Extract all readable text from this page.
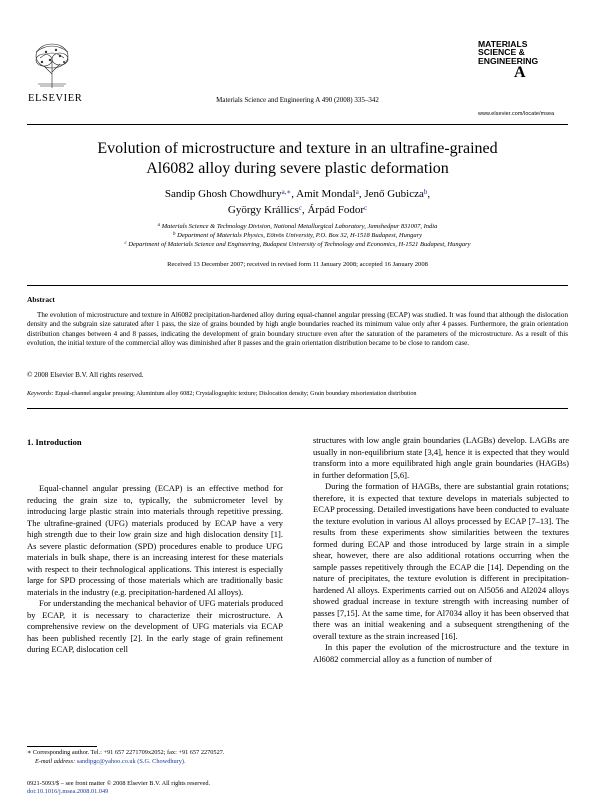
ELSEVIER	Materials Science and Engineering A 490 (2008) 335–342
MATERIALS
SCIENCE &
ENGINEERING
A
www.elsevier.com/locate/msea
Evolution of microstructure and texture in an ultrafine-grained
Al6082 alloy during severe plastic deformation
Sandip Ghosh Chowdhury$^{a,∗}$, Amit Mondal$^a$, Jenő Gubicza$^b$,
György Krállics$^c$, Árpád Fodor$^c$
$^a$ Materials Science & Technology Division, National Metallurgical Laboratory, Jamshedpur 831007, India
$^b$ Department of Materials Physics, Eötvös University, P.O. Box 32, H-1518 Budapest, Hungary
$^c$ Department of Materials Science and Engineering, Budapest University of Technology and Economics, H-1521 Budapest, Hungary
Received 13 December 2007; received in revised form 11 January 2008; accepted 16 January 2008
Abstract
The evolution of microstructure and texture in Al6082 precipitation-hardened alloy during equal-channel angular pressing (ECAP) was studied. It was found that although the dislocation density and the subgrain size saturated after 1 pass, the size of grains bounded by high angle boundaries reached its minimum value only after 4 passes. Furthermore, the grain orientation distribution changes between 4 and 8 passes, indicating the development of grain boundary structure even after the saturation of the parameters of the microstructure. As a result of this evolution, the initial texture of the commercial alloy was diminished after 8 passes and the grain orientation distribution became to be close to random case.
© 2008 Elsevier B.V. All rights reserved.
Keywords: Equal-channel angular pressing; Aluminium alloy 6082; Crystallographic texture; Dislocation density; Grain boundary misorientation distribution
1. Introduction

Equal-channel angular pressing (ECAP) is an effective method for reducing the grain size to, typically, the submicrometer level by introducing large plastic strain into materials through repetitive pressing. The ultrafine-grained (UFG) materials produced by ECAP have a very high strength due to their low grain size and high dislocation density [1]. As severe plastic deformation (SPD) procedures enable to produce UFG materials in bulk shape, there is an increasing interest for these materials with respect to their technological applications. This interest is especially large for SPD processing of those materials which are traditionally basic materials in the industry (e.g. precipitation-hardened Al alloys).

For understanding the mechanical behavior of UFG materials produced by ECAP, it is necessary to characterize their microstructure. A comprehensive review on the development of UFG materials via ECAP has been published recently [2]. In the early stage of grain refinement during ECAP, dislocation cell

structures with low angle grain boundaries (LAGBs) develop. LAGBs are usually in non-equilibrium state [3,4], hence it is expected that they would transform into a more equilibrated high angle grain boundaries (HAGBs) in further deformation [5,6].

During the formation of HAGBs, there are substantial grain rotations; therefore, it is expected that texture develops in materials subjected to ECAP processing. Detailed investigations have been conducted to evaluate the texture evolution in various Al alloys processed by ECAP [7–13]. The results from these experiments show similarities between the textures formed during ECAP and those introduced by large strain in a simple shear, however, there are also additional rotations occurring when the sample passes repetitively through the ECAP die [14]. Depending on the nature of precipitates, the texture evolution is different in precipitation-hardened Al alloys. Experiments carried out on Al5056 and Al2024 alloys showed gradual increase in texture strength with increasing number of passes [7,15]. At the same time, for Al7034 alloy it has been observed that there was an initial weakening and a subsequent strengthening of the overall texture as the strain increased [16].

In this paper the evolution of the microstructure and the texture in Al6082 commercial alloy as a function of number of

∗ Corresponding author. Tel.: +91 657 2271709x2052; fax: +91 657 2270527.
E-mail address: sandipgc@yahoo.co.uk (S.G. Chowdhury).
0921-5093/$ – see front matter © 2008 Elsevier B.V. All rights reserved.
doi:10.1016/j.msea.2008.01.049
